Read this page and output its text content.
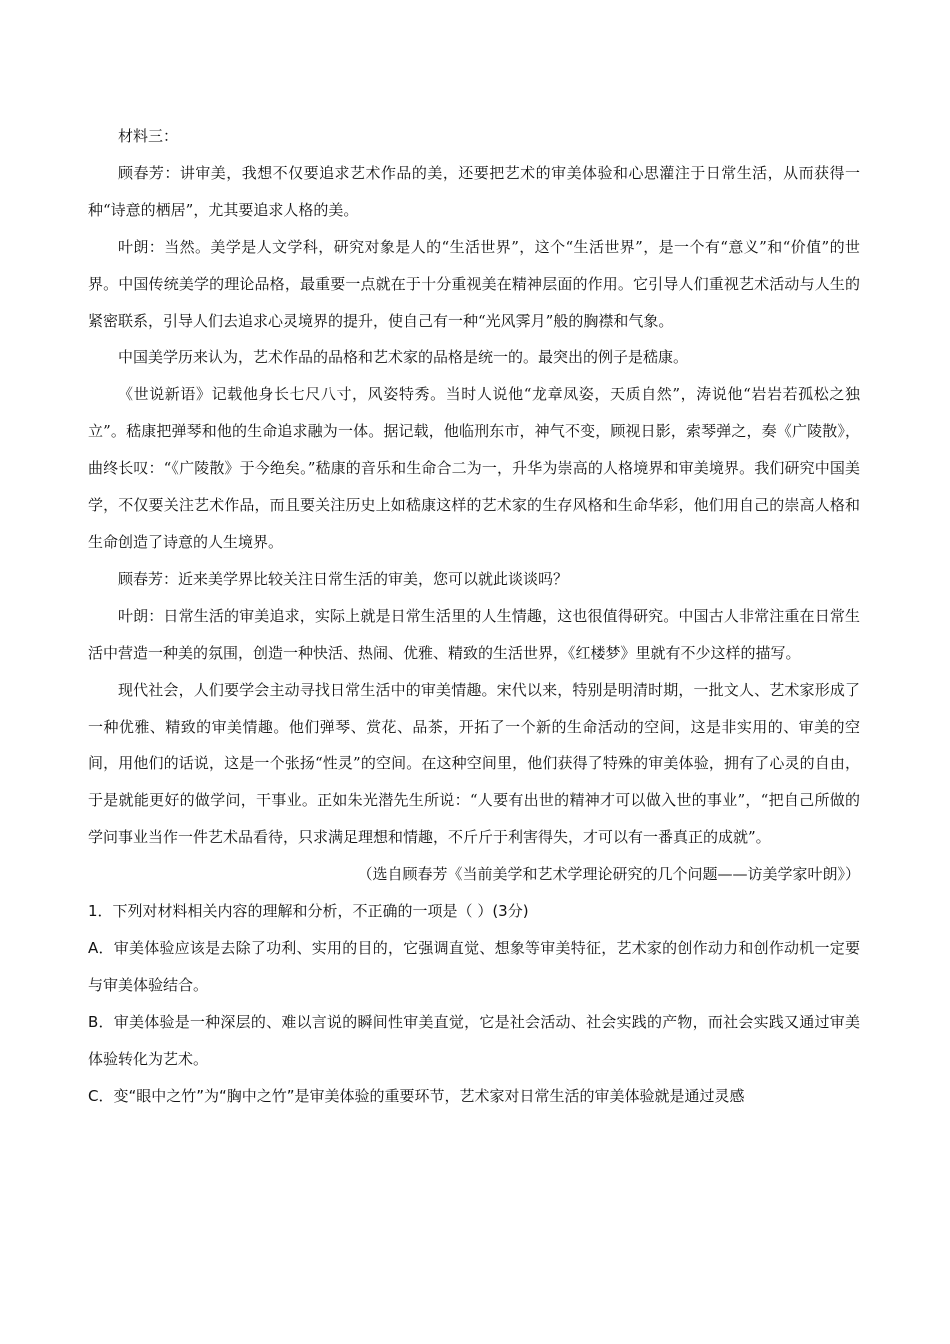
材料三：

顾春芳：讲审美，我想不仅要追求艺术作品的美，还要把艺术的审美体验和心思灌注于日常生活，从而获得一种“诗意的栖居”，尤其要追求人格的美。

叶朗：当然。美学是人文学科，研究对象是人的“生活世界”，这个“生活世界”，是一个有“意义”和“价值”的世界。中国传统美学的理论品格，最重要一点就在于十分重视美在精神层面的作用。它引导人们重视艺术活动与人生的紧密联系，引导人们去追求心灵境界的提升，使自己有一种“光风霁月”般的胸襟和气象。

中国美学历来认为，艺术作品的品格和艺术家的品格是统一的。最突出的例子是嵇康。

《世说新语》记载他身长七尺八寸，风姿特秀。当时人说他“龙章凤姿，天质自然”，涛说他“岩岩若孤松之独立”。嵇康把弹琴和他的生命追求融为一体。据记载，他临刑东市，神气不变，顾视日影，索琴弹之，奏《广陵散》，曲终长叹：“《广陵散》于今绝矣。”嵇康的音乐和生命合二为一，升华为崇高的人格境界和审美境界。我们研究中国美学，不仅要关注艺术作品，而且要关注历史上如嵇康这样的艺术家的生存风格和生命华彩，他们用自己的崇高人格和生命创造了诗意的人生境界。

顾春芳：近来美学界比较关注日常生活的审美，您可以就此谈谈吗？

叶朗：日常生活的审美追求，实际上就是日常生活里的人生情趣，这也很值得研究。中国古人非常注重在日常生活中营造一种美的氛围，创造一种快活、热闹、优雅、精致的生活世界，《红楼梦》里就有不少这样的描写。

现代社会，人们要学会主动寻找日常生活中的审美情趣。宋代以来，特别是明清时期，一批文人、艺术家形成了一种优雅、精致的审美情趣。他们弹琴、赏花、品茶，开拓了一个新的生命活动的空间，这是非实用的、审美的空间，用他们的话说，这是一个张扬“性灵”的空间。在这种空间里，他们获得了特殊的审美体验，拥有了心灵的自由，于是就能更好的做学问，干事业。正如朱光潜先生所说：“人要有出世的精神才可以做入世的事业”，“把自己所做的学问事业当作一件艺术品看待，只求满足理想和情趣，不斤斤于利害得失，才可以有一番真正的成就”。

（选自顾春芳《当前美学和艺术学理论研究的几个问题——访美学家叶朗》）

1．下列对材料相关内容的理解和分析，不正确的一项是（ ）(3分)

A．审美体验应该是去除了功利、实用的目的，它强调直觉、想象等审美特征，艺术家的创作动力和创作动机一定要与审美体验结合。

B．审美体验是一种深层的、难以言说的瞬间性审美直觉，它是社会活动、社会实践的产物，而社会实践又通过审美体验转化为艺术。

C．变“眼中之竹”为“胸中之竹”是审美体验的重要环节，艺术家对日常生活的审美体验就是通过灵感
